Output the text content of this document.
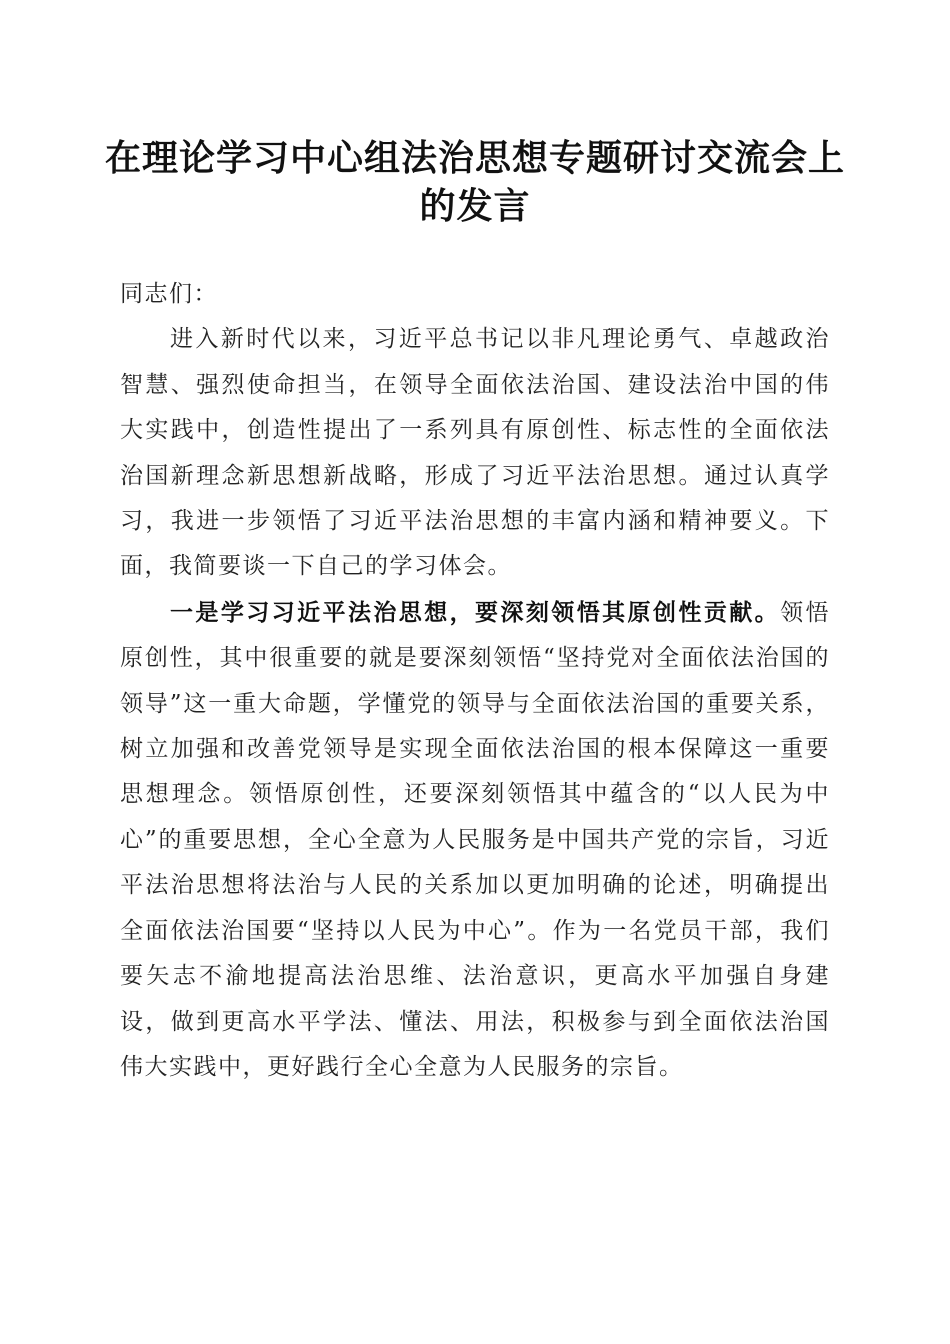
在理论学习中心组法治思想专题研讨交流会上
的发言

同志们：

进入新时代以来，习近平总书记以非凡理论勇气、卓越政治智慧、强烈使命担当，在领导全面依法治国、建设法治中国的伟大实践中，创造性提出了一系列具有原创性、标志性的全面依法治国新理念新思想新战略，形成了习近平法治思想。通过认真学习，我进一步领悟了习近平法治思想的丰富内涵和精神要义。下面，我简要谈一下自己的学习体会。

一是学习习近平法治思想，要深刻领悟其原创性贡献。领悟原创性，其中很重要的就是要深刻领悟“坚持党对全面依法治国的领导”这一重大命题，学懂党的领导与全面依法治国的重要关系，树立加强和改善党领导是实现全面依法治国的根本保障这一重要思想理念。领悟原创性，还要深刻领悟其中蕴含的“以人民为中心”的重要思想，全心全意为人民服务是中国共产党的宗旨，习近平法治思想将法治与人民的关系加以更加明确的论述，明确提出全面依法治国要“坚持以人民为中心”。作为一名党员干部，我们要矢志不渝地提高法治思维、法治意识，更高水平加强自身建设，做到更高水平学法、懂法、用法，积极参与到全面依法治国伟大实践中，更好践行全心全意为人民服务的宗旨。
